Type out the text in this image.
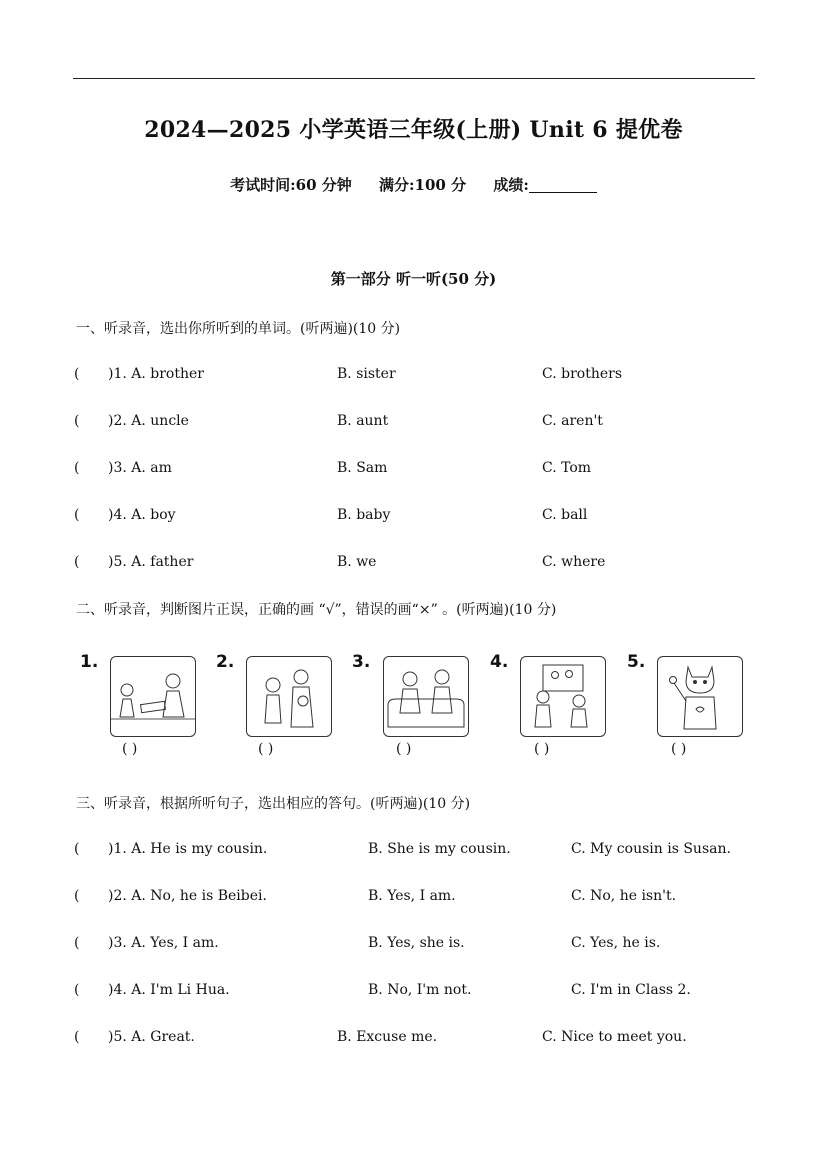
2024—2025 小学英语三年级(上册) Unit 6 提优卷
考试时间:60 分钟 满分:100 分 成绩:
第一部分 听一听(50 分)
一、听录音，选出你所听到的单词。(听两遍)(10 分)
( )1. A. brother	B. sister	C. brothers
( )2. A. uncle	B. aunt	C. aren't
( )3. A. am	B. Sam	C. Tom
( )4. A. boy	B. baby	C. ball
( )5. A. father	B. we	C. where
二、听录音，判断图片正误，正确的画 “√”，错误的画“×” 。(听两遍)(10 分)
1.
( )
2.
( )
3.
( )
4.
( )
5.
( )
三、听录音，根据所听句子，选出相应的答句。(听两遍)(10 分)
( )1. A. He is my cousin.	B. She is my cousin.	C. My cousin is Susan.
( )2. A. No, he is Beibei.	B. Yes, I am.	C. No, he isn't.
( )3. A. Yes, I am.	B. Yes, she is.	C. Yes, he is.
( )4. A. I'm Li Hua.	B. No, I'm not.	C. I'm in Class 2.
( )5. A. Great.	B. Excuse me.	C. Nice to meet you.
